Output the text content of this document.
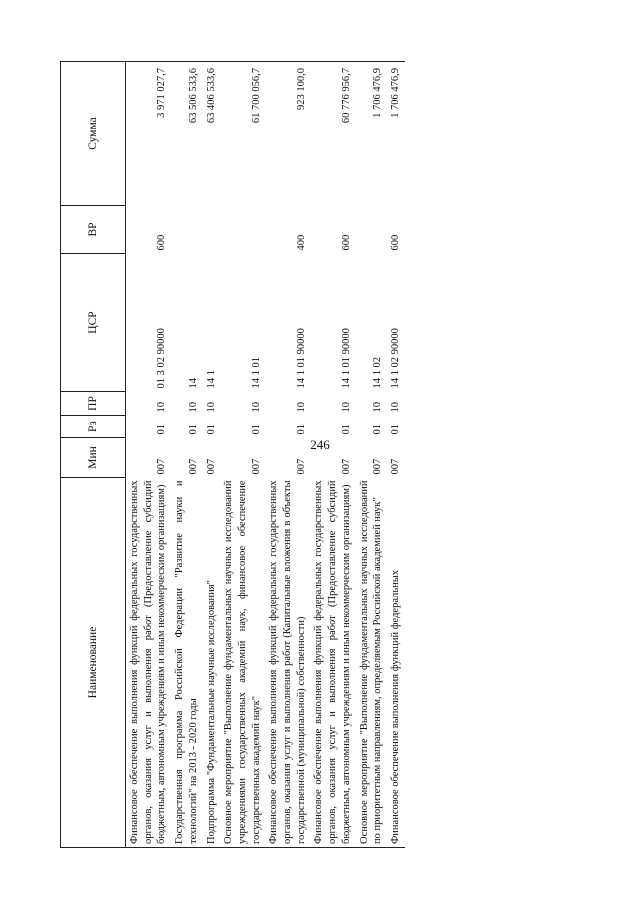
246
Наименование	Мин	Рз	ПР	ЦСР	ВР	Сумма
Финансовое обеспечение выполнения функций федеральных государственных органов, оказания услуг и выполнения работ (Предоставление субсидий бюджетным, автономным учреждениям и иным некоммерческим организациям)	007	01	10	01 3 02 90000	600	3 971 027,7
Государственная программа Российской Федерации "Развитие науки и технологий" на 2013 - 2020 годы	007	01	10	14		63 506 533,6
Подпрограмма "Фундаментальные научные исследования"	007	01	10	14 1		63 406 533,6
Основное мероприятие "Выполнение фундаментальных научных исследований учреждениями государственных академий наук, финансовое обеспечение государственных академий наук"	007	01	10	14 1 01		61 700 056,7
Финансовое обеспечение выполнения функций федеральных государственных органов, оказания услуг и выполнения работ (Капитальные вложения в объекты государственной (муниципальной) собственности)	007	01	10	14 1 01 90000	400	923 100,0
Финансовое обеспечение выполнения функций федеральных государственных органов, оказания услуг и выполнения работ (Предоставление субсидий бюджетным, автономным учреждениям и иным некоммерческим организациям)	007	01	10	14 1 01 90000	600	60 776 956,7
Основное мероприятие "Выполнение фундаментальных научных исследований по приоритетным направлениям, определяемым Российской академией наук"	007	01	10	14 1 02		1 706 476,9
Финансовое обеспечение выполнения функций федеральных	007	01	10	14 1 02 90000	600	1 706 476,9
